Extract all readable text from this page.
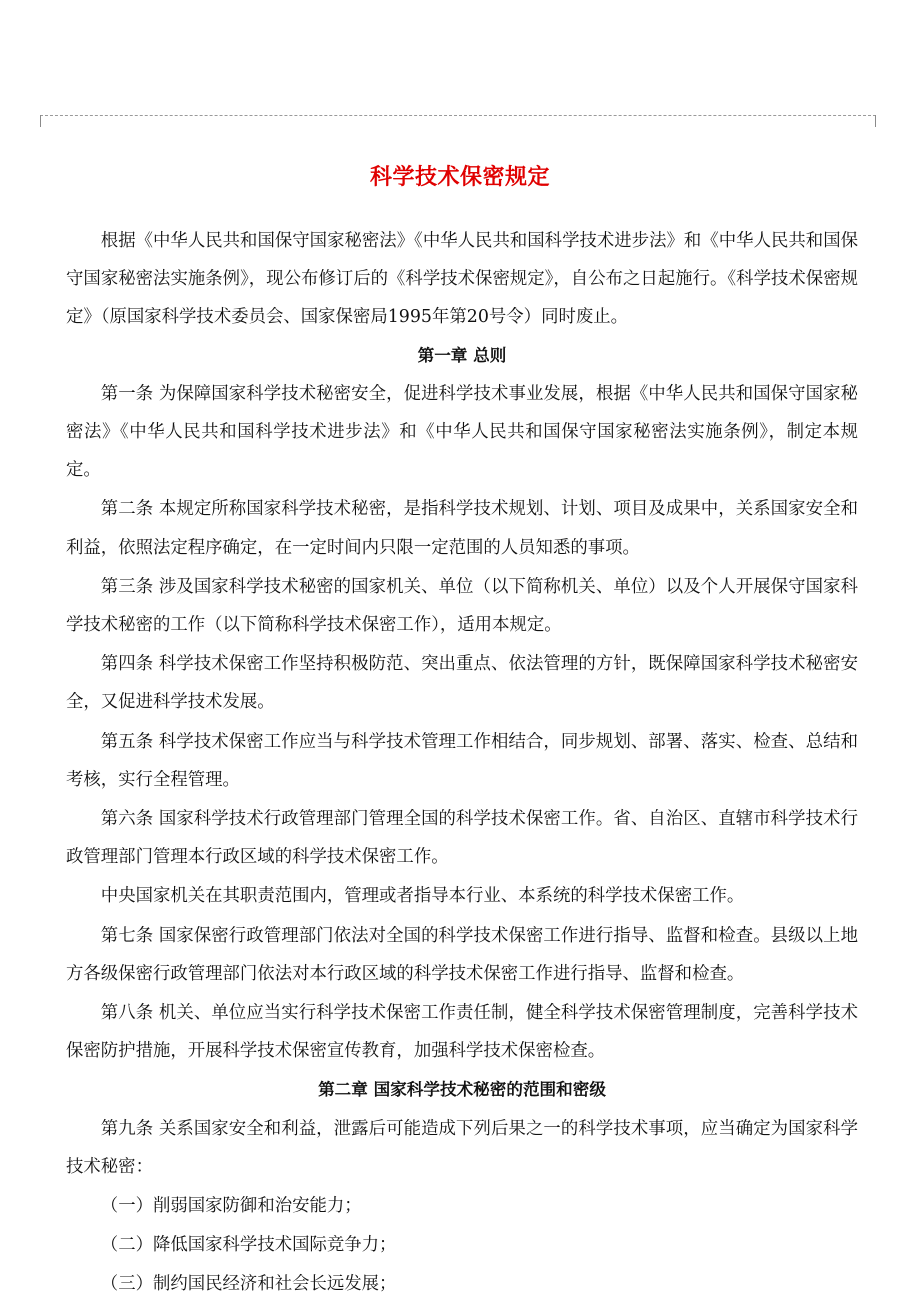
科学技术保密规定

根据《中华人民共和国保守国家秘密法》《中华人民共和国科学技术进步法》和《中华人民共和国保守国家秘密法实施条例》，现公布修订后的《科学技术保密规定》，自公布之日起施行。《科学技术保密规定》（原国家科学技术委员会、国家保密局1995年第20号令）同时废止。

第一章 总则

第一条 为保障国家科学技术秘密安全，促进科学技术事业发展，根据《中华人民共和国保守国家秘密法》《中华人民共和国科学技术进步法》和《中华人民共和国保守国家秘密法实施条例》，制定本规定。

第二条 本规定所称国家科学技术秘密，是指科学技术规划、计划、项目及成果中，关系国家安全和利益，依照法定程序确定，在一定时间内只限一定范围的人员知悉的事项。

第三条 涉及国家科学技术秘密的国家机关、单位（以下简称机关、单位）以及个人开展保守国家科学技术秘密的工作（以下简称科学技术保密工作），适用本规定。

第四条 科学技术保密工作坚持积极防范、突出重点、依法管理的方针，既保障国家科学技术秘密安全，又促进科学技术发展。

第五条 科学技术保密工作应当与科学技术管理工作相结合，同步规划、部署、落实、检查、总结和考核，实行全程管理。

第六条 国家科学技术行政管理部门管理全国的科学技术保密工作。省、自治区、直辖市科学技术行政管理部门管理本行政区域的科学技术保密工作。

中央国家机关在其职责范围内，管理或者指导本行业、本系统的科学技术保密工作。

第七条 国家保密行政管理部门依法对全国的科学技术保密工作进行指导、监督和检查。县级以上地方各级保密行政管理部门依法对本行政区域的科学技术保密工作进行指导、监督和检查。

第八条 机关、单位应当实行科学技术保密工作责任制，健全科学技术保密管理制度，完善科学技术保密防护措施，开展科学技术保密宣传教育，加强科学技术保密检查。

第二章 国家科学技术秘密的范围和密级

第九条 关系国家安全和利益，泄露后可能造成下列后果之一的科学技术事项，应当确定为国家科学技术秘密：

（一）削弱国家防御和治安能力；

（二）降低国家科学技术国际竞争力；

（三）制约国民经济和社会长远发展；
